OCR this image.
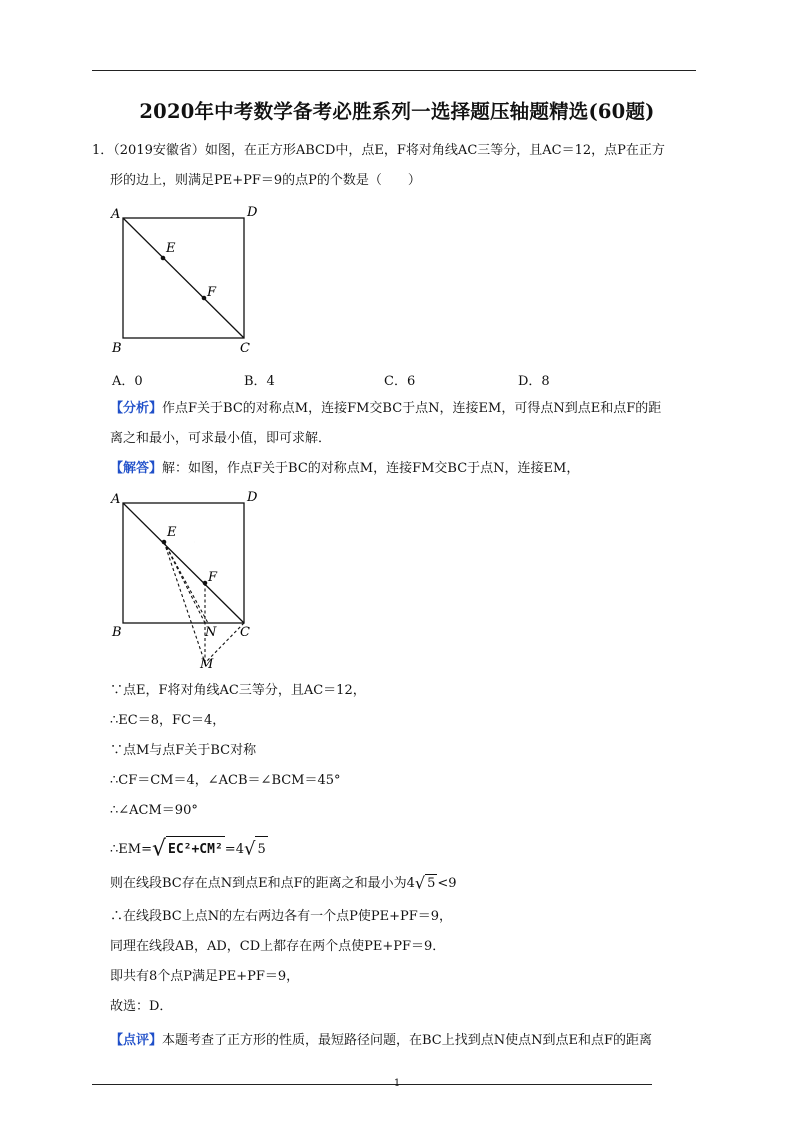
2020年中考数学备考必胜系列一选择题压轴题精选(60题)
1．（2019安徽省）如图，在正方形ABCD中，点E，F将对角线AC三等分，且AC＝12，点P在正方
形的边上，则满足PE+PF＝9的点P的个数是（　　）
A	D
B	C
E
F
A．0	B．4	C．6	D．8
【分析】作点F关于BC的对称点M，连接FM交BC于点N，连接EM，可得点N到点E和点F的距
离之和最小，可求最小值，即可求解．
【解答】解：如图，作点F关于BC的对称点M，连接FM交BC于点N，连接EM，
A	D
B	C
E
F
N
M
∵点E，F将对角线AC三等分，且AC＝12，
∴EC＝8，FC＝4，
∵点M与点F关于BC对称
∴CF＝CM＝4，∠ACB＝∠BCM＝45°
∴∠ACM＝90°
∴EM=√ EC²+CM² =4√ 5
则在线段BC存在点N到点E和点F的距离之和最小为4√ 5 <9
∴在线段BC上点N的左右两边各有一个点P使PE+PF＝9，
同理在线段AB，AD，CD上都存在两个点使PE+PF＝9．
即共有8个点P满足PE+PF＝9，
故选：D．
【点评】本题考查了正方形的性质，最短路径问题，在BC上找到点N使点N到点E和点F的距离
1
